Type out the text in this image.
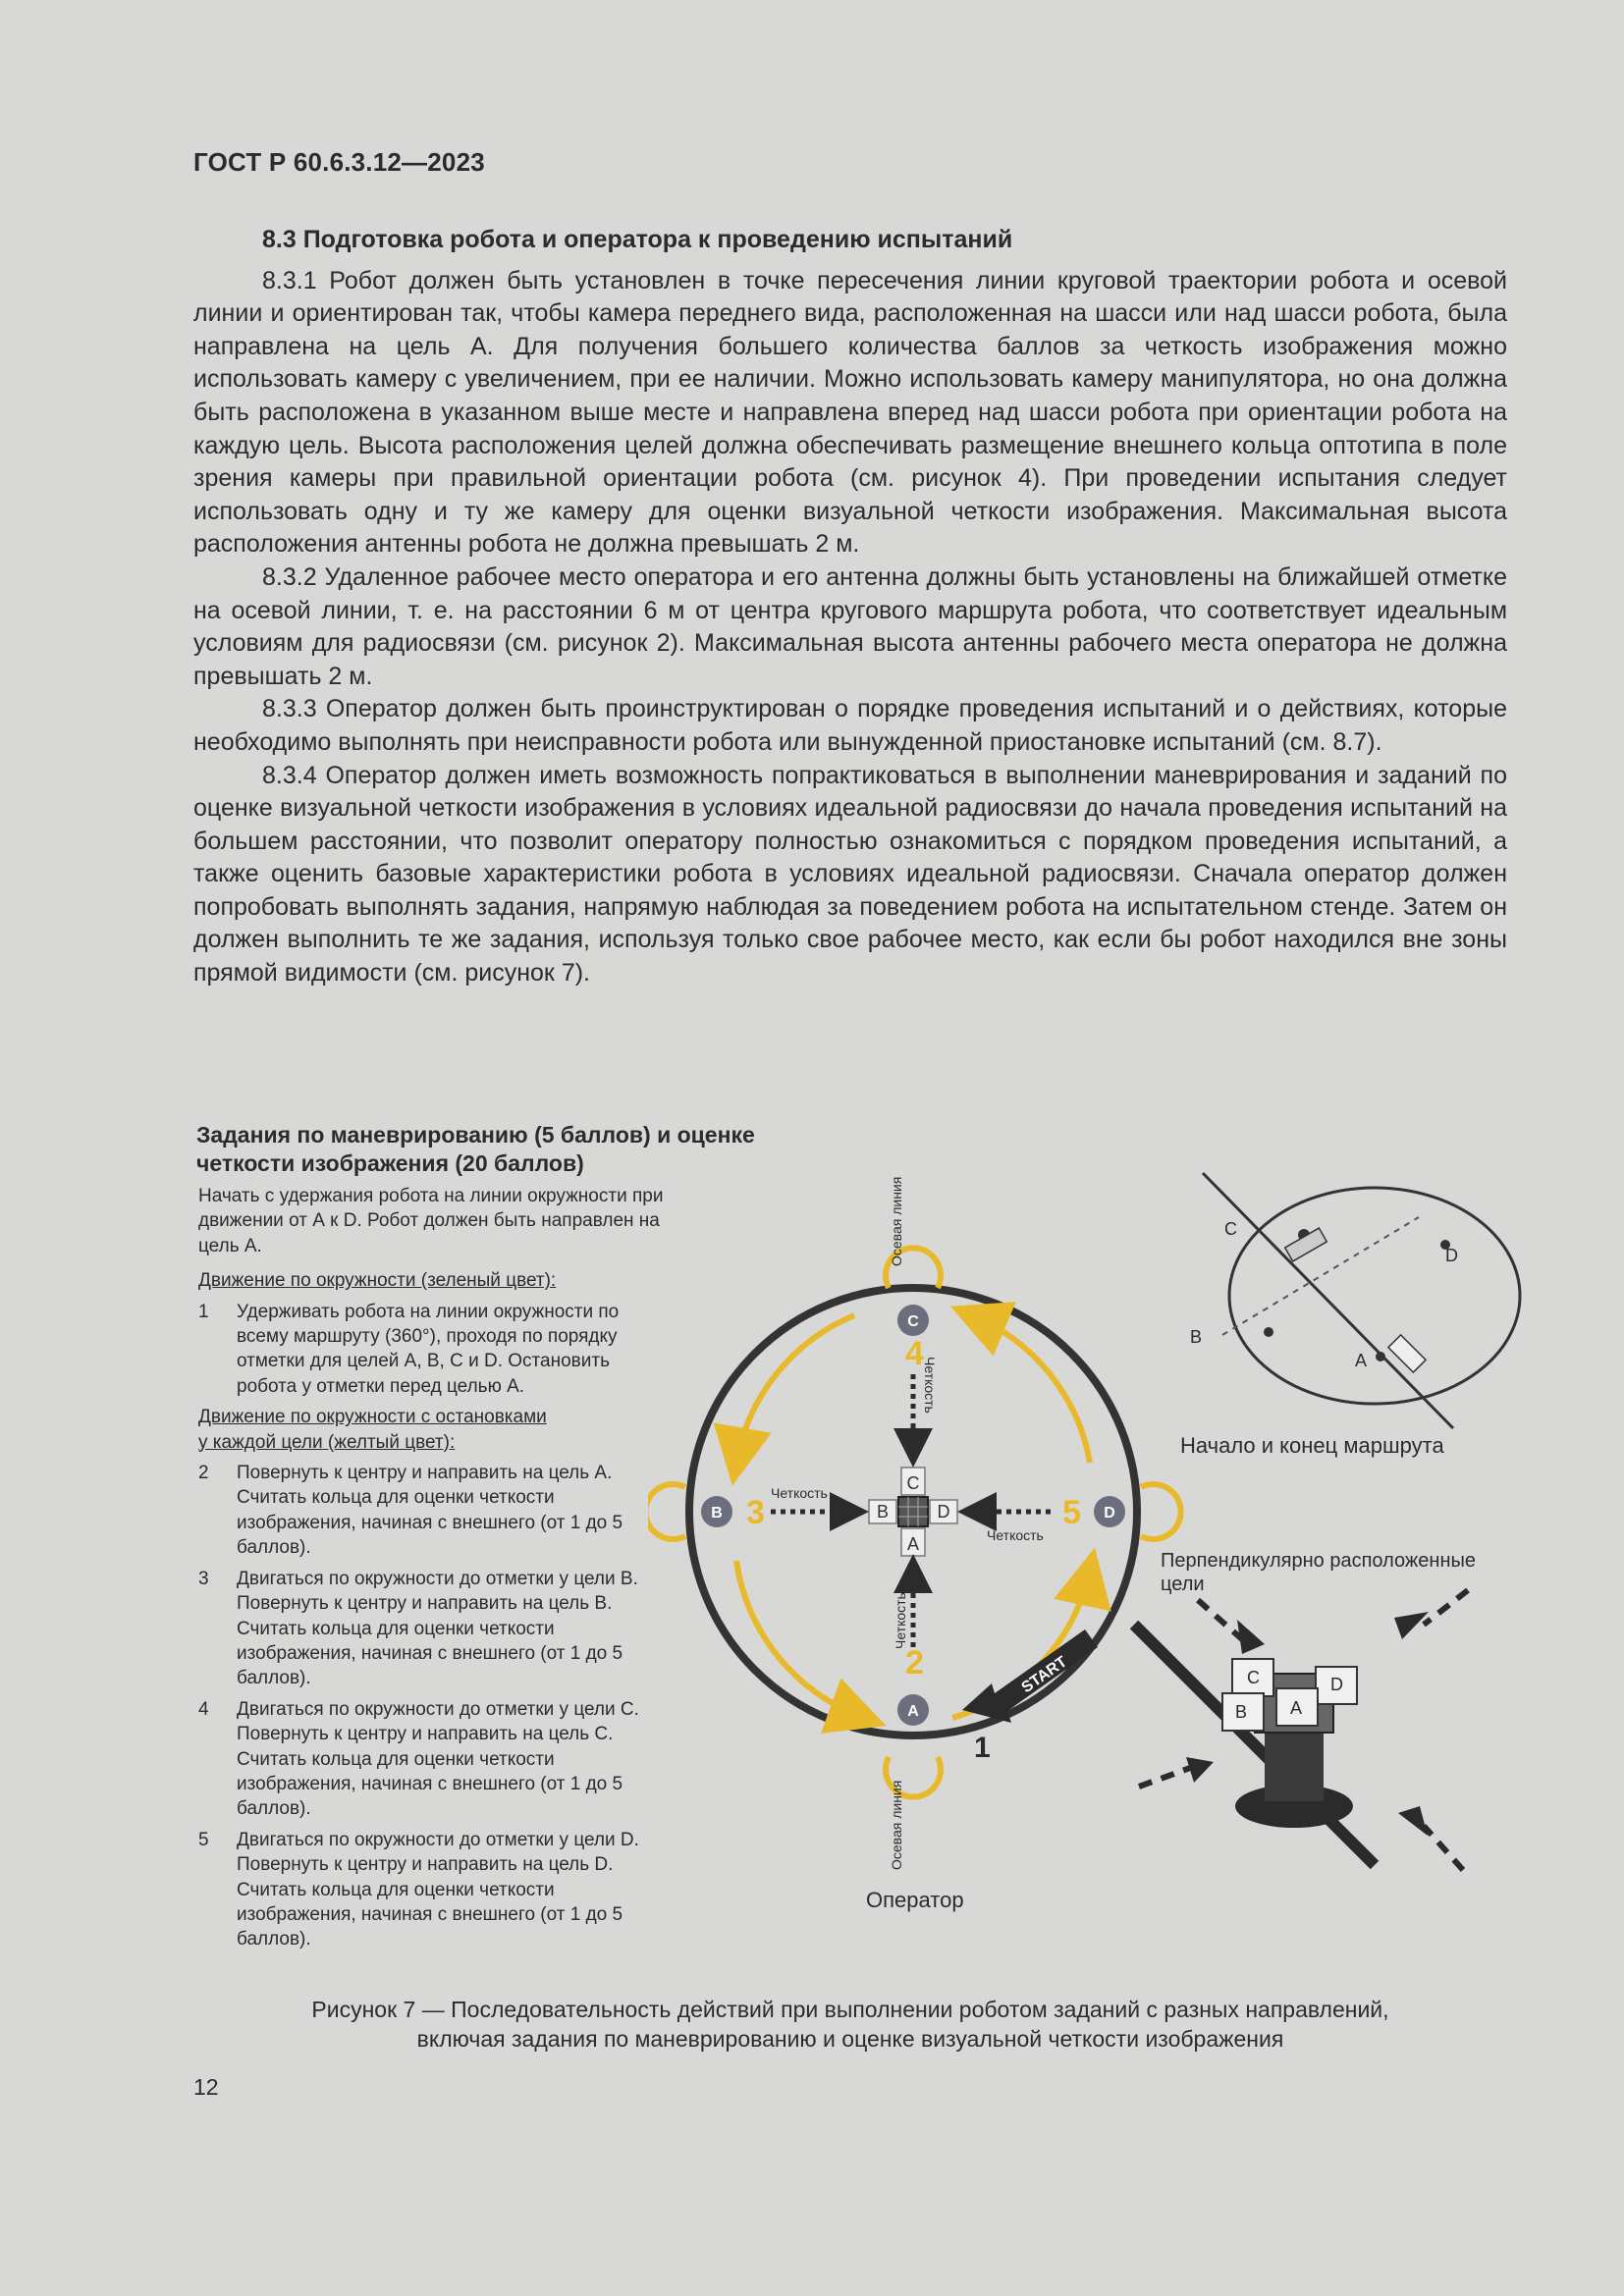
ГОСТ Р 60.6.3.12—2023
8.3 Подготовка робота и оператора к проведению испытаний

8.3.1 Робот должен быть установлен в точке пересечения линии круговой траектории робота и осевой линии и ориентирован так, чтобы камера переднего вида, расположенная на шасси или над шасси робота, была направлена на цель А. Для получения большего количества баллов за четкость изображения можно использовать камеру с увеличением, при ее наличии. Можно использовать камеру манипулятора, но она должна быть расположена в указанном выше месте и направлена вперед над шасси робота при ориентации робота на каждую цель. Высота расположения целей должна обеспечивать размещение внешнего кольца оптотипа в поле зрения камеры при правильной ориентации робота (см. рисунок 4). При проведении испытания следует использовать одну и ту же камеру для оценки визуальной четкости изображения. Максимальная высота расположения антенны робота не должна превышать 2 м.

8.3.2 Удаленное рабочее место оператора и его антенна должны быть установлены на ближайшей отметке на осевой линии, т. е. на расстоянии 6 м от центра кругового маршрута робота, что соответствует идеальным условиям для радиосвязи (см. рисунок 2). Максимальная высота антенны рабочего места оператора не должна превышать 2 м.

8.3.3 Оператор должен быть проинструктирован о порядке проведения испытаний и о действиях, которые необходимо выполнять при неисправности робота или вынужденной приостановке испытаний (см. 8.7).

8.3.4 Оператор должен иметь возможность попрактиковаться в выполнении маневрирования и заданий по оценке визуальной четкости изображения в условиях идеальной радиосвязи до начала проведения испытаний на большем расстоянии, что позволит оператору полностью ознакомиться с порядком проведения испытаний, а также оценить базовые характеристики робота в условиях идеальной радиосвязи. Сначала оператор должен попробовать выполнять задания, напрямую наблюдая за поведением робота на испытательном стенде. Затем он должен выполнить те же задания, используя только свое рабочее место, как если бы робот находился вне зоны прямой видимости (см. рисунок 7).

Задания по маневрированию (5 баллов) и оценке
четкости изображения (20 баллов)

Начать с удержания робота на линии окружности при движении от А к D. Робот должен быть направлен на цель А.

Движение по окружности (зеленый цвет):

1	Удерживать робота на линии окружности по всему маршруту (360°), проходя по порядку отметки для целей А, В, С и D. Остановить робота у отметки перед целью А.

Движение по окружности с остановками
у каждой цели (желтый цвет):

2	Повернуть к центру и направить на цель А. Считать кольца для оценки четкости изображения, начиная с внешнего (от 1 до 5 баллов).
3	Двигаться по окружности до отметки у цели В. Повернуть к центру и направить на цель В. Считать кольца для оценки четкости изображения, начиная с внешнего (от 1 до 5 баллов).
4	Двигаться по окружности до отметки у цели С. Повернуть к центру и направить на цель С. Считать кольца для оценки четкости изображения, начиная с внешнего (от 1 до 5 баллов).
5	Двигаться по окружности до отметки у цели D. Повернуть к центру и направить на цель D. Считать кольца для оценки четкости изображения, начиная с внешнего (от 1 до 5 баллов).
A
B
C
D
2
3
4
5
C
A
B	D
Четкость
Четкость
Четкость
Четкость
Осевая линия
Осевая линия
START
1
Оператор
C
D
B
A
Начало и конец маршрута
Перпендикулярно расположенные
цели
C	D
B A
Рисунок 7 — Последовательность действий при выполнении роботом заданий с разных направлений,
включая задания по маневрированию и оценке визуальной четкости изображения
12
